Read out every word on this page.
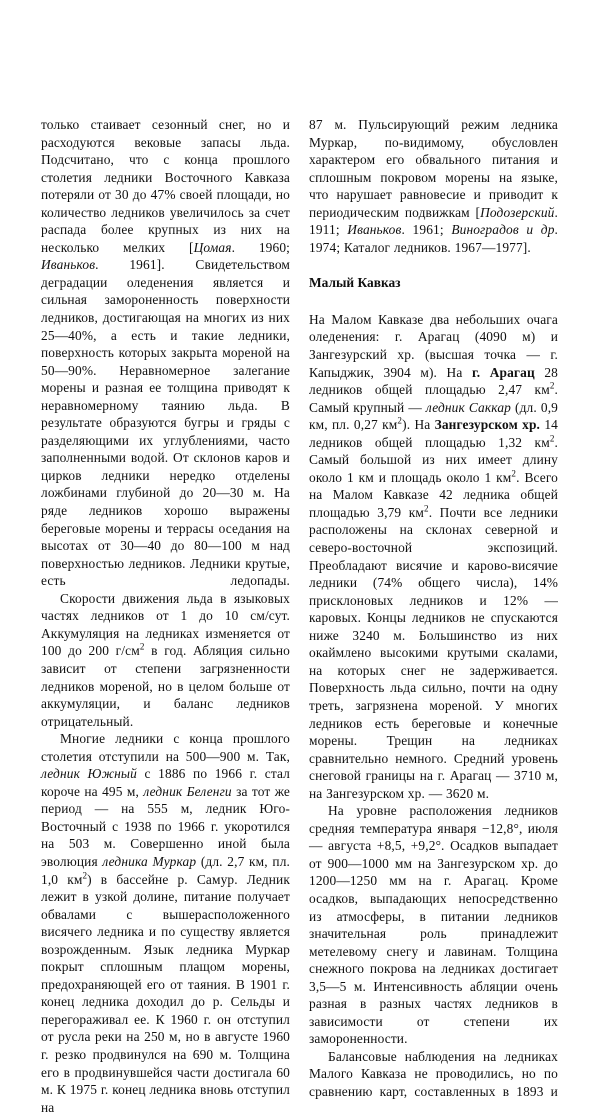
только стаивает сезонный снег, но и расходуются вековые запасы льда. Подсчитано, что с конца прошлого столетия ледники Восточного Кавказа потеряли от 30 до 47% своей площади, но количество ледников увеличилось за счет распада более крупных из них на несколько мелких [Цомая. 1960; Иваньков. 1961]. Свидетельством деградации оледенения является и сильная замороненность поверхности ледников, достигающая на многих из них 25—40%, а есть и такие ледники, поверхность которых закрыта мореной на 50—90%. Неравномерное залегание морены и разная ее толщина приводят к неравномерному таянию льда. В результате образуются бугры и гряды с разделяющими их углублениями, часто заполненными водой. От склонов каров и цирков ледники нередко отделены ложбинами глубиной до 20—30 м. На ряде ледников хорошо выражены береговые морены и террасы оседания на высотах от 30—40 до 80—100 м над поверхностью ледников. Ледники крутые, есть ледопады.

Скорости движения льда в языковых частях ледников от 1 до 10 см/сут. Аккумуляция на ледниках изменяется от 100 до 200 $г/см^2$ в год. Абляция сильно зависит от степени загрязненности ледников мореной, но в целом больше от аккумуляции, и баланс ледников отрицательный.

Многие ледники с конца прошлого столетия отступили на 500—900 м. Так, ледник Южный с 1886 по 1966 г. стал короче на 495 м, ледник Беленги за тот же период — на 555 м, ледник Юго-Восточный с 1938 по 1966 г. укоротился на 503 м. Совершенно иной была эволюция ледника Муркар (дл. 2,7 км, пл. 1,0 $км^2$) в бассейне р. Самур. Ледник лежит в узкой долине, питание получает обвалами с вышерасположенного висячего ледника и по существу является возрожденным. Язык ледника Муркар покрыт сплошным плащом морены, предохраняющей его от таяния. В 1901 г. конец ледника доходил до р. Сельды и перегораживал ее. К 1960 г. он отступил от русла реки на 250 м, но в августе 1960 г. резко продвинулся на 690 м. Толщина его в продвинувшейся части достигала 60 м. К 1975 г. конец ледника вновь отступил на

87 м. Пульсирующий режим ледника Муркар, по-видимому, обусловлен характером его обвального питания и сплошным покровом морены на языке, что нарушает равновесие и приводит к периодическим подвижкам [Подозерский. 1911; Иваньков. 1961; Виноградов и др. 1974; Каталог ледников. 1967—1977].

Малый Кавказ

На Малом Кавказе два небольших очага оледенения: г. Арагац (4090 м) и Зангезурский хр. (высшая точка — г. Капыджик, 3904 м). На г. Арагац 28 ледников общей площадью 2,47 $км^2$. Самый крупный — ледник Саккар (дл. 0,9 км, пл. 0,27 $км^2$). На Зангезурском хр. 14 ледников общей площадью 1,32 $км^2$. Самый большой из них имеет длину около 1 км и площадь около 1 $км^2$. Всего на Малом Кавказе 42 ледника общей площадью 3,79 $км^2$. Почти все ледники расположены на склонах северной и северо-восточной экспозиций. Преобладают висячие и карово-висячие ледники (74% общего числа), 14% присклоновых ледников и 12% — каровых. Концы ледников не спускаются ниже 3240 м. Большинство из них окаймлено высокими крутыми скалами, на которых снег не задерживается. Поверхность льда сильно, почти на одну треть, загрязнена мореной. У многих ледников есть береговые и конечные морены. Трещин на ледниках сравнительно немного. Средний уровень снеговой границы на г. Арагац — 3710 м, на Зангезурском хр. — 3620 м.

На уровне расположения ледников средняя температура января −12,8°, июля — августа +8,5, +9,2°. Осадков выпадает от 900—1000 мм на Зангезурском хр. до 1200—1250 мм на г. Арагац. Кроме осадков, выпадающих непосредственно из атмосферы, в питании ледников значительная роль принадлежит метелевому снегу и лавинам. Толщина снежного покрова на ледниках достигает 3,5—5 м. Интенсивность абляции очень разная в разных частях ледников в зависимости от степени их замороненности.

Балансовые наблюдения на ледниках Малого Кавказа не проводились, но по сравнению карт, составленных в 1893 и
